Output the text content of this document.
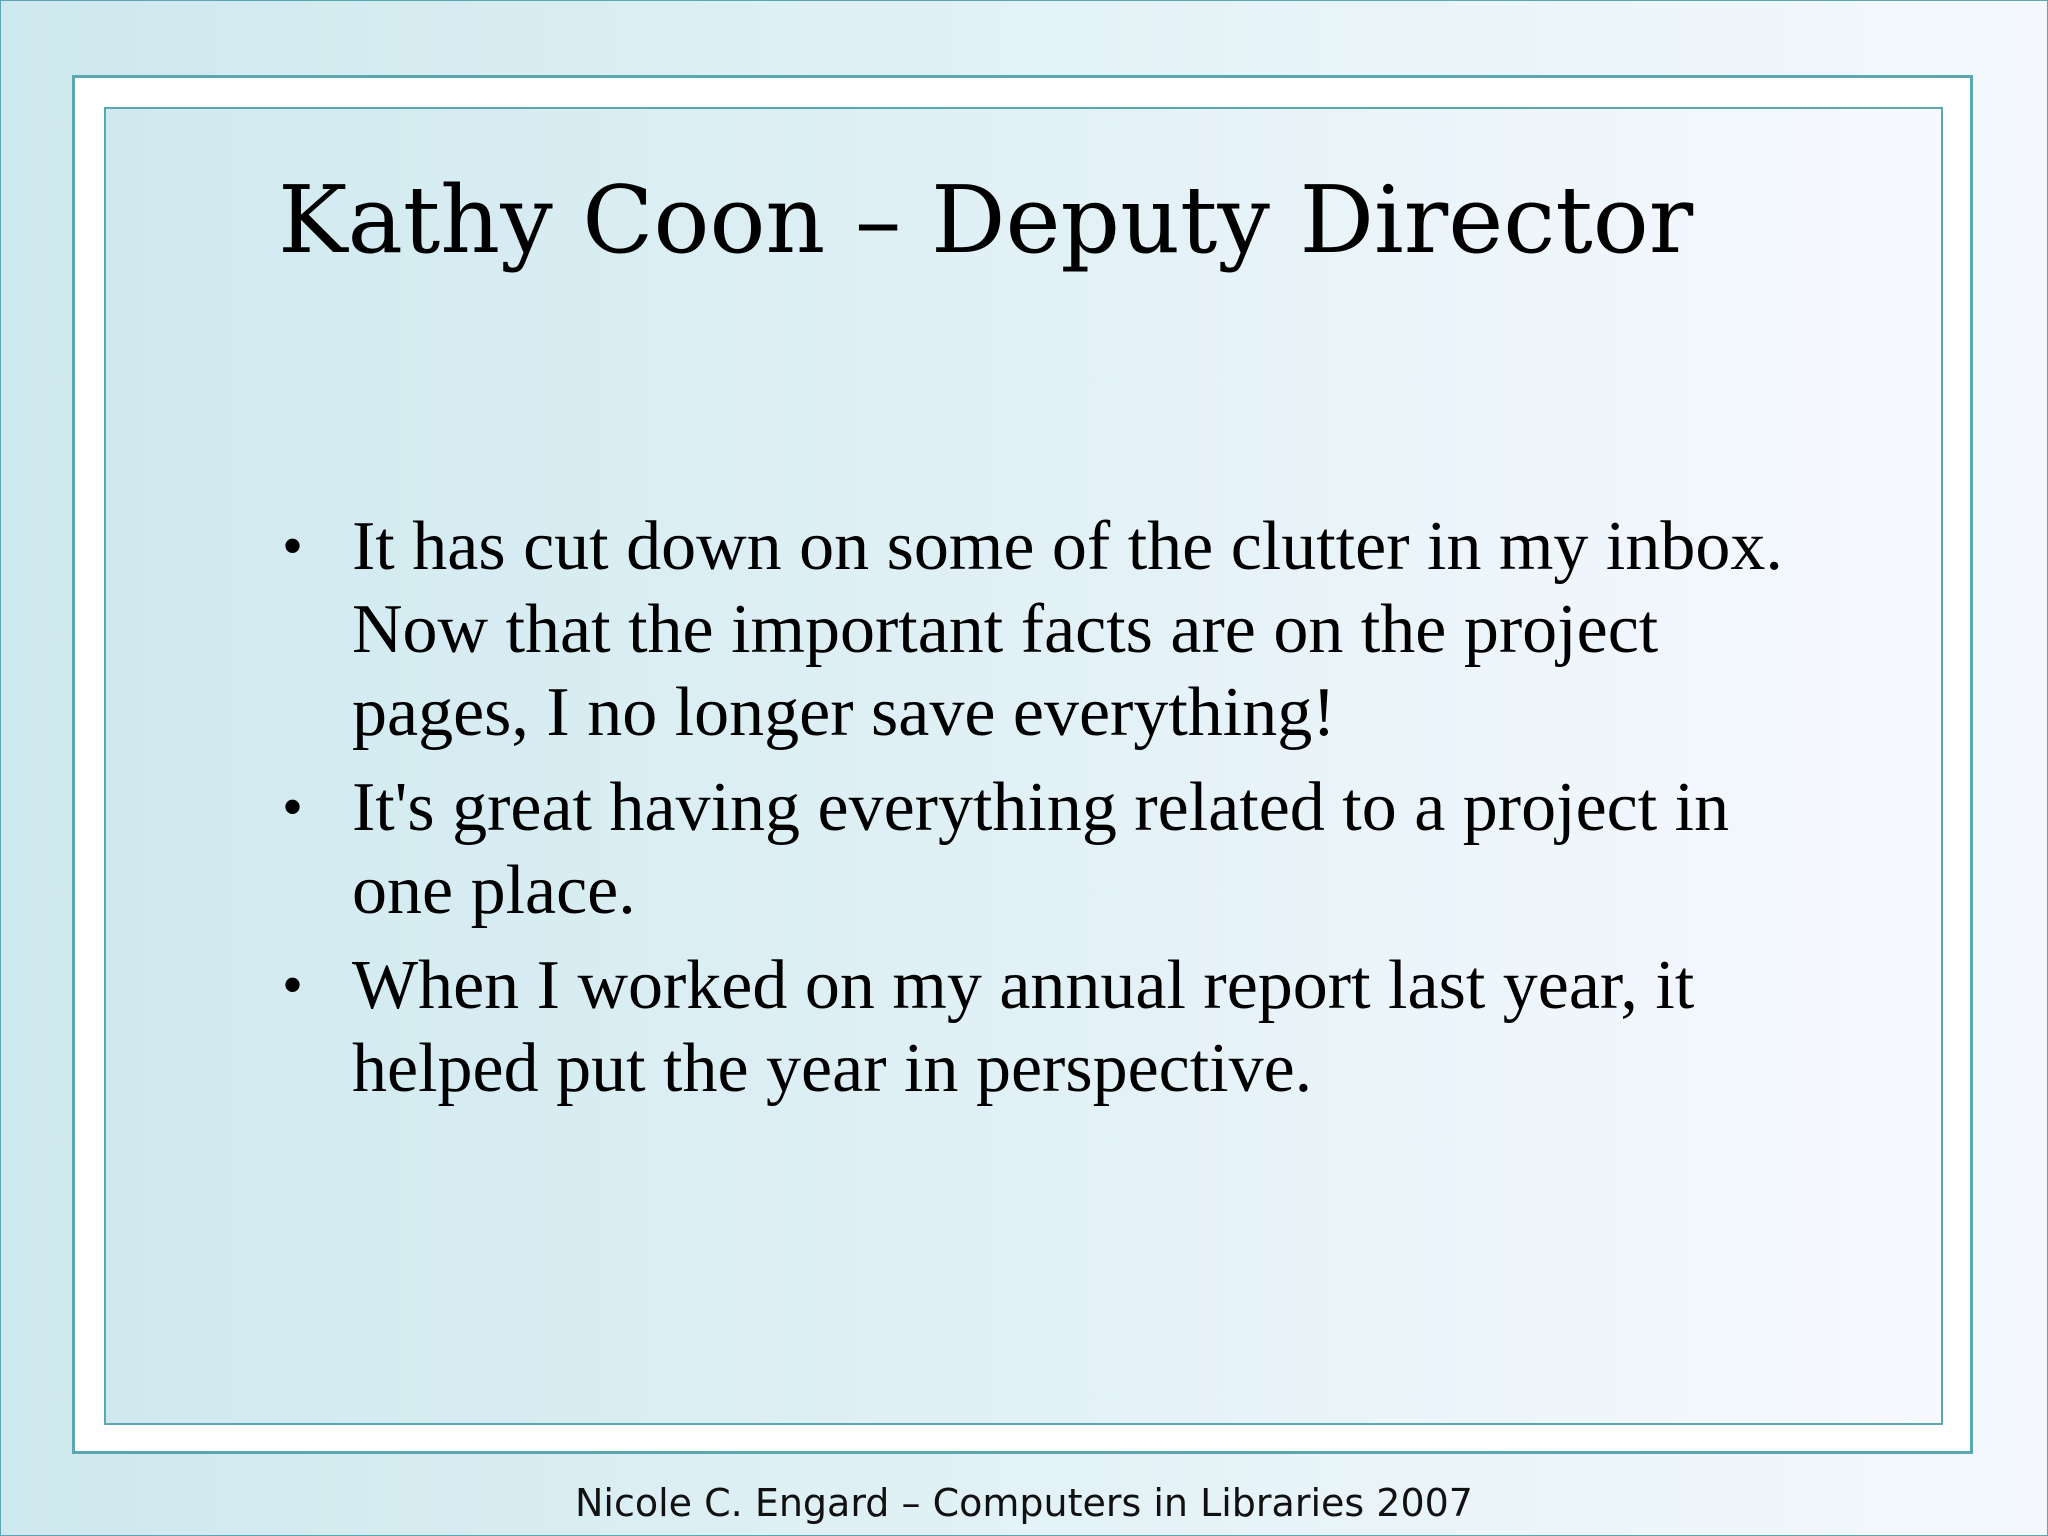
Kathy Coon – Deputy Director
• It has cut down on some of the clutter in my inbox.   Now that the important facts are on the project pages, I no longer save everything!
• It's great having everything related to a project in one place.
• When I worked on my annual report last year, it helped put the year in perspective.
Nicole C. Engard – Computers in Libraries 2007
